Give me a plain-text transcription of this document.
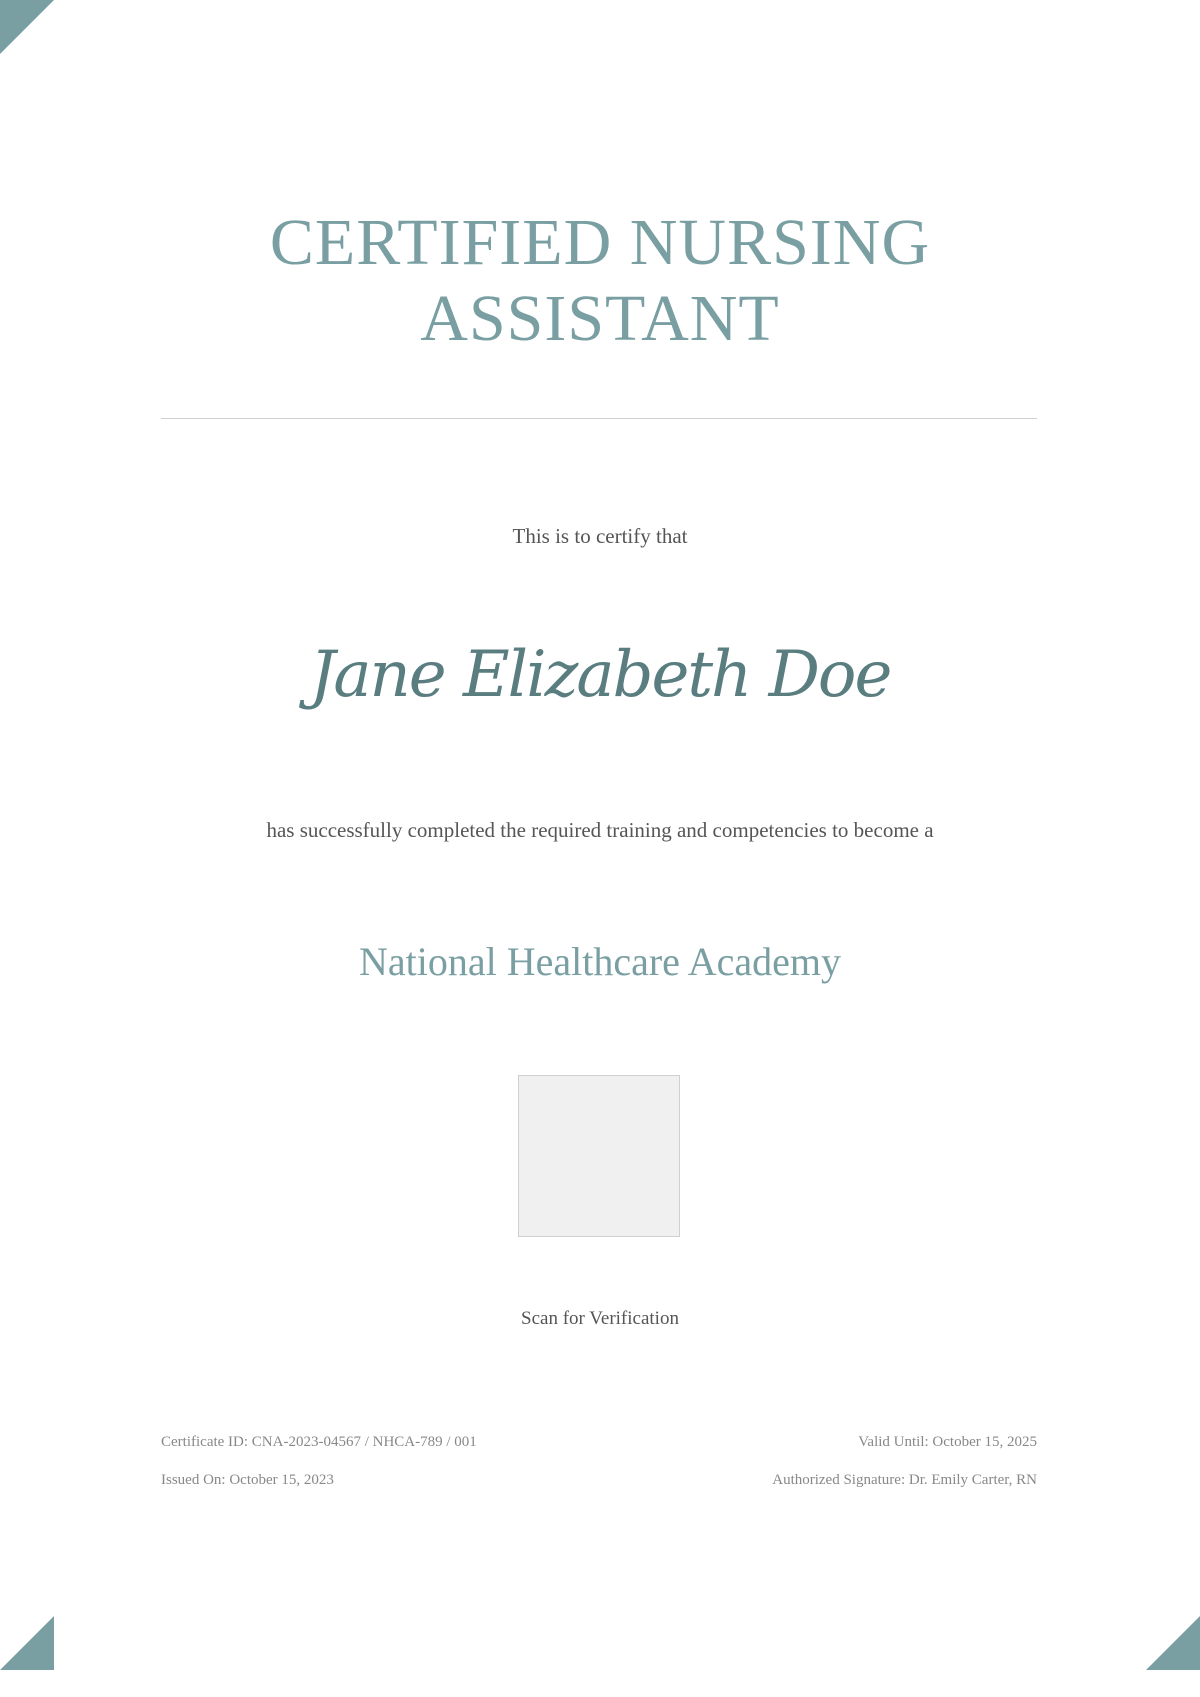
CERTIFIED NURSING
ASSISTANT
This is to certify that
Jane Elizabeth Doe
has successfully completed the required training and competencies to become a
National Healthcare Academy
Scan for Verification
Certificate ID: CNA-2023-04567 / NHCA-789 / 001
Issued On: October 15, 2023
Valid Until: October 15, 2025
Authorized Signature: Dr. Emily Carter, RN
